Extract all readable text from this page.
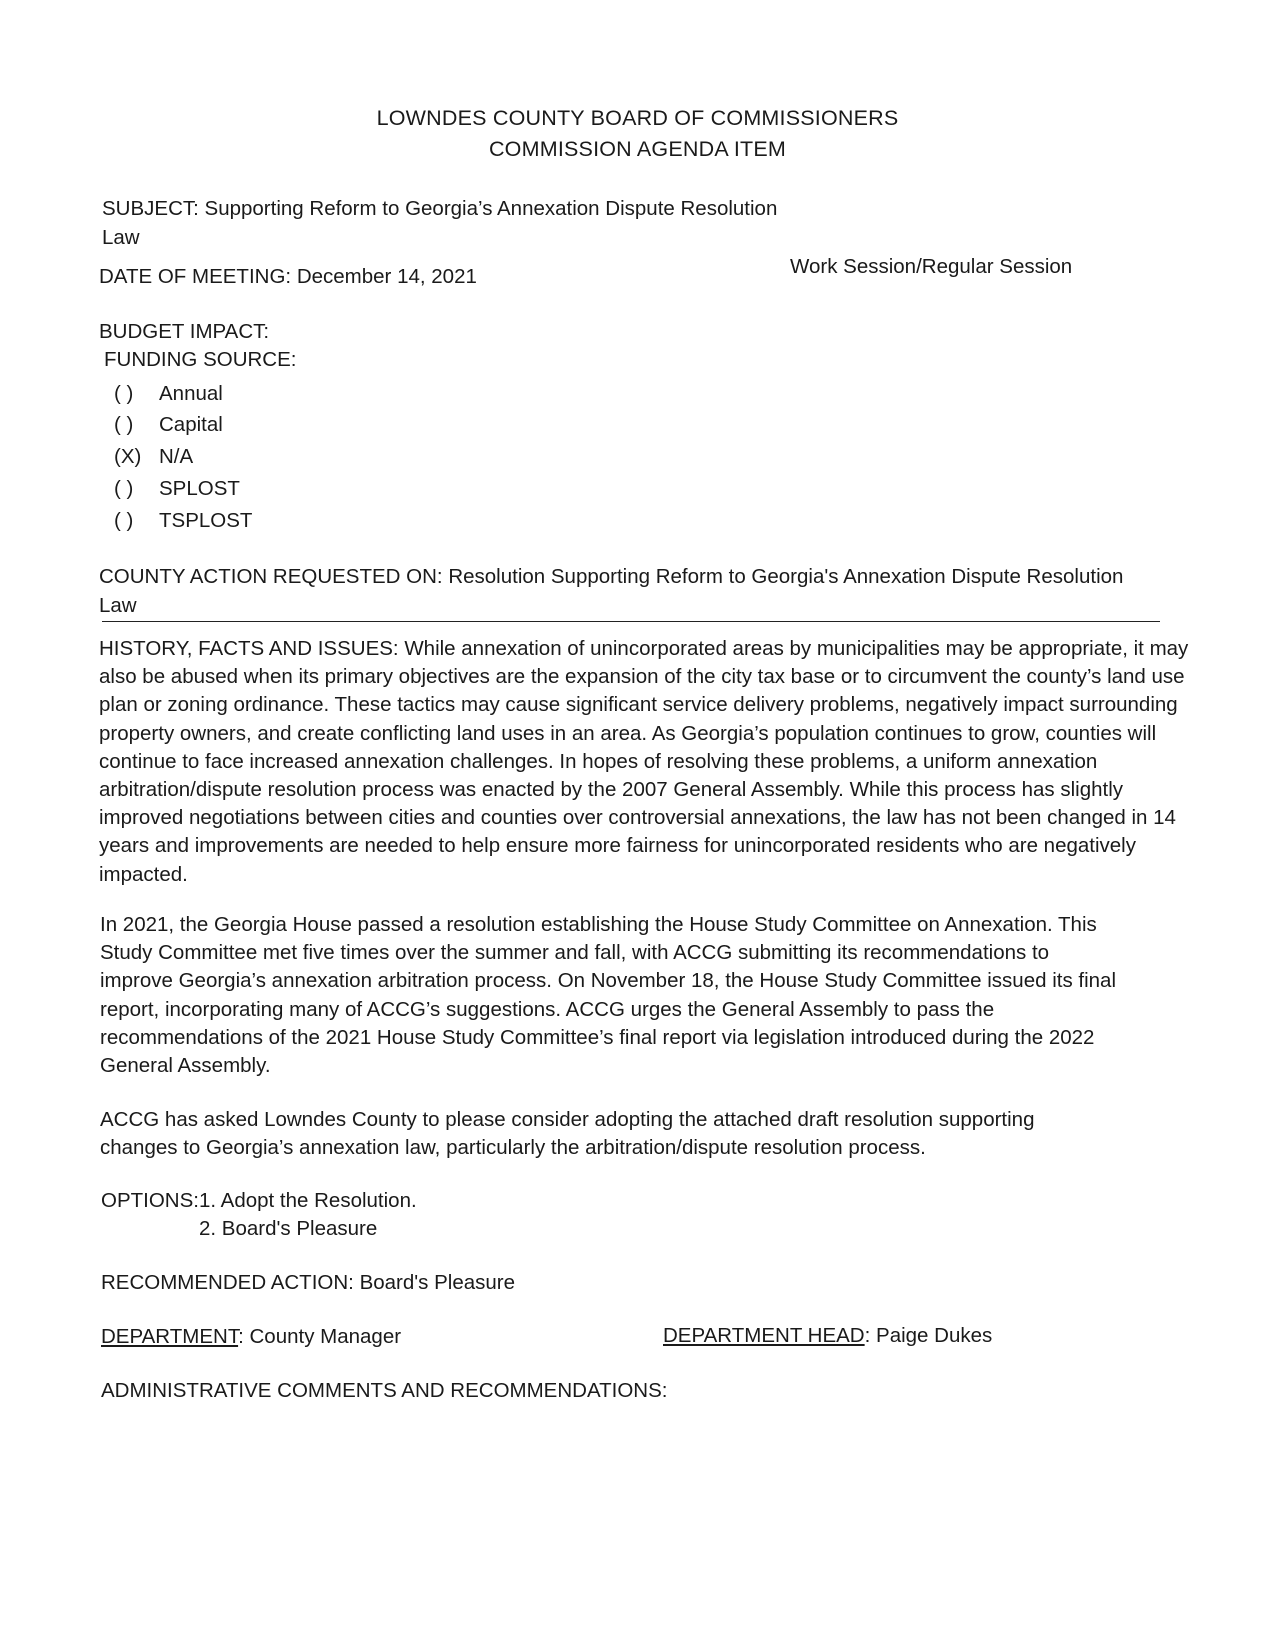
LOWNDES COUNTY BOARD OF COMMISSIONERS
COMMISSION AGENDA ITEM
SUBJECT: Supporting Reform to Georgia’s Annexation Dispute Resolution
Law
DATE OF MEETING: December 14, 2021	Work Session/Regular Session
BUDGET IMPACT:
FUNDING SOURCE:
( ) Annual
( ) Capital
(X) N/A
( ) SPLOST
( ) TSPLOST
COUNTY ACTION REQUESTED ON: Resolution Supporting Reform to Georgia's Annexation Dispute Resolution
Law
HISTORY, FACTS AND ISSUES: While annexation of unincorporated areas by municipalities may be appropriate, it may also be abused when its primary objectives are the expansion of the city tax base or to circumvent the county’s land use plan or zoning ordinance. These tactics may cause significant service delivery problems, negatively impact surrounding property owners, and create conflicting land uses in an area. As Georgia’s population continues to grow, counties will continue to face increased annexation challenges. In hopes of resolving these problems, a uniform annexation arbitration/dispute resolution process was enacted by the 2007 General Assembly. While this process has slightly improved negotiations between cities and counties over controversial annexations, the law has not been changed in 14 years and improvements are needed to help ensure more fairness for unincorporated residents who are negatively impacted.
In 2021, the Georgia House passed a resolution establishing the House Study Committee on Annexation. This Study Committee met five times over the summer and fall, with ACCG submitting its recommendations to improve Georgia’s annexation arbitration process. On November 18, the House Study Committee issued its final report, incorporating many of ACCG’s suggestions. ACCG urges the General Assembly to pass the recommendations of the 2021 House Study Committee’s final report via legislation introduced during the 2022 General Assembly.
ACCG has asked Lowndes County to please consider adopting the attached draft resolution supporting changes to Georgia’s annexation law, particularly the arbitration/dispute resolution process.
OPTIONS: 1. Adopt the Resolution.
2. Board's Pleasure
RECOMMENDED ACTION: Board's Pleasure
DEPARTMENT: County Manager	DEPARTMENT HEAD: Paige Dukes
ADMINISTRATIVE COMMENTS AND RECOMMENDATIONS:
